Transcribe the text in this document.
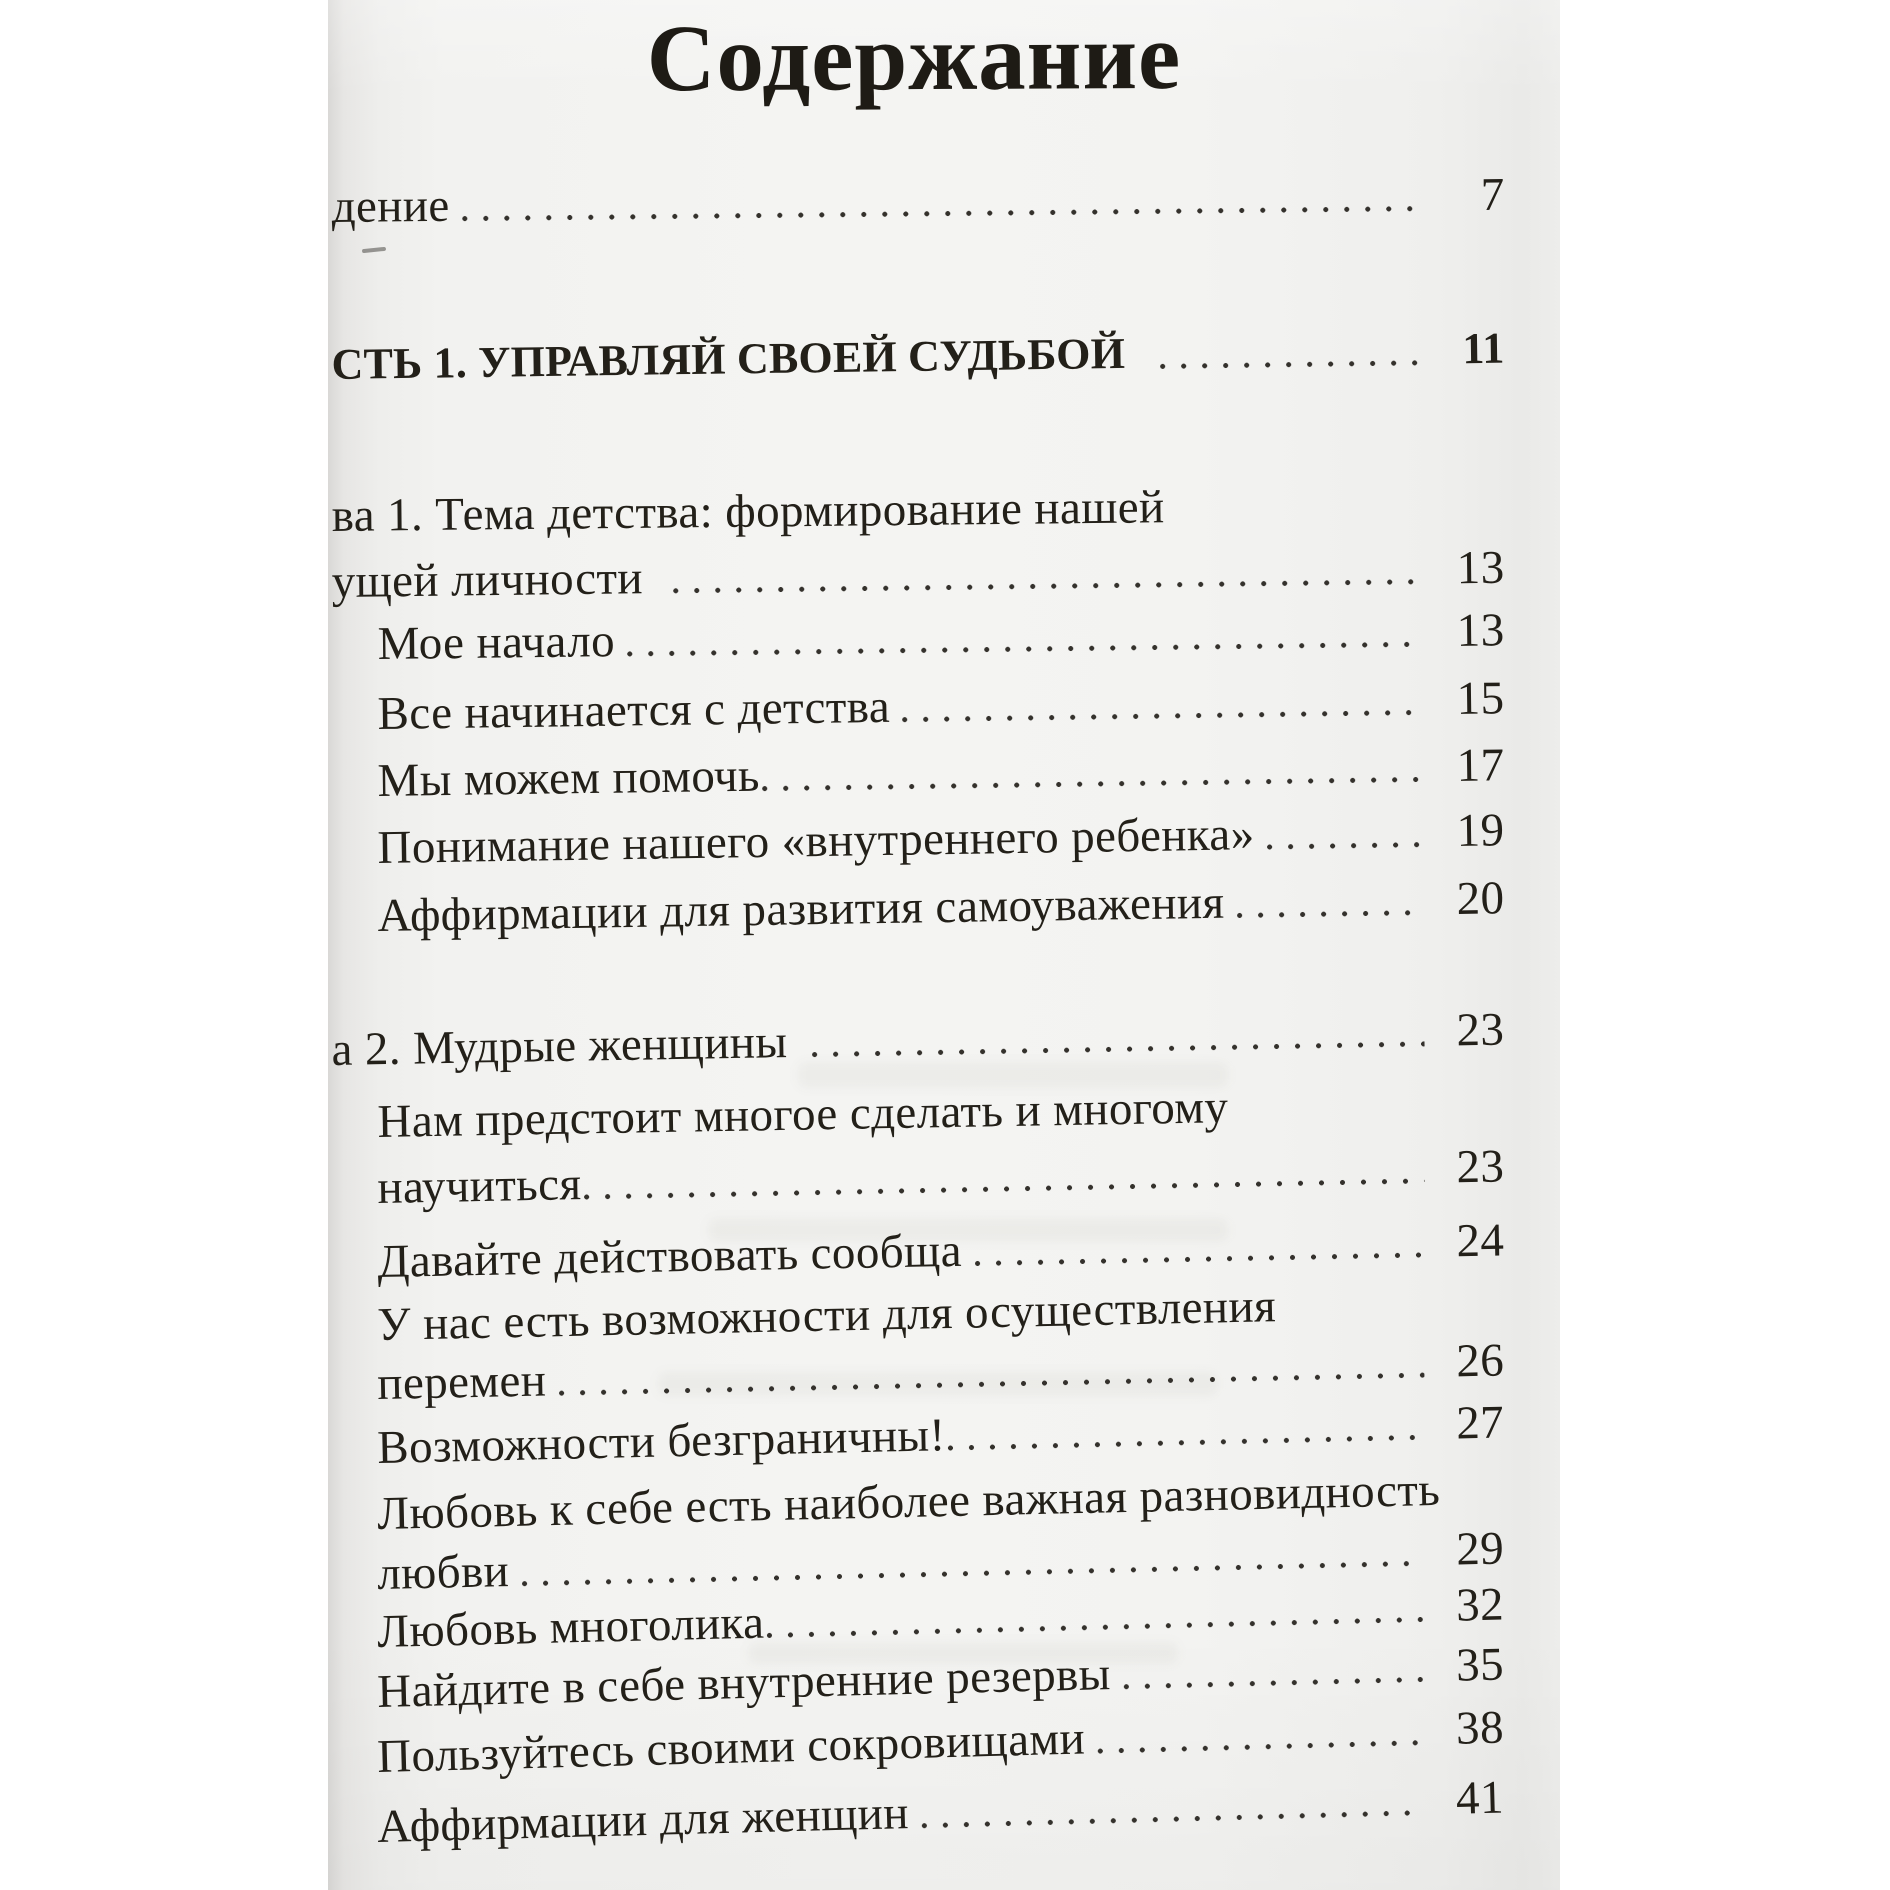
Содержание
дение	7
СТЬ 1. УПРАВЛЯЙ СВОЕЙ СУДЬБОЙ	11
ва 1. Тема детства: формирование нашей
ущей личности	13
Мое начало	13
Все начинается с детства	15
Мы можем помочь	17
Понимание нашего «внутреннего ребенка»	19
Аффирмации для развития самоуважения	20
а 2. Мудрые женщины	23
Нам предстоит многое сделать и многому
научиться	23
Давайте действовать сообща	24
У нас есть возможности для осуществления
перемен	26
Возможности безграничны!	27
Любовь к себе есть наиболее важная разновидность
любви	29
Любовь многолика	32
Найдите в себе внутренние резервы	35
Пользуйтесь своими сокровищами	38
Аффирмации для женщин	41
